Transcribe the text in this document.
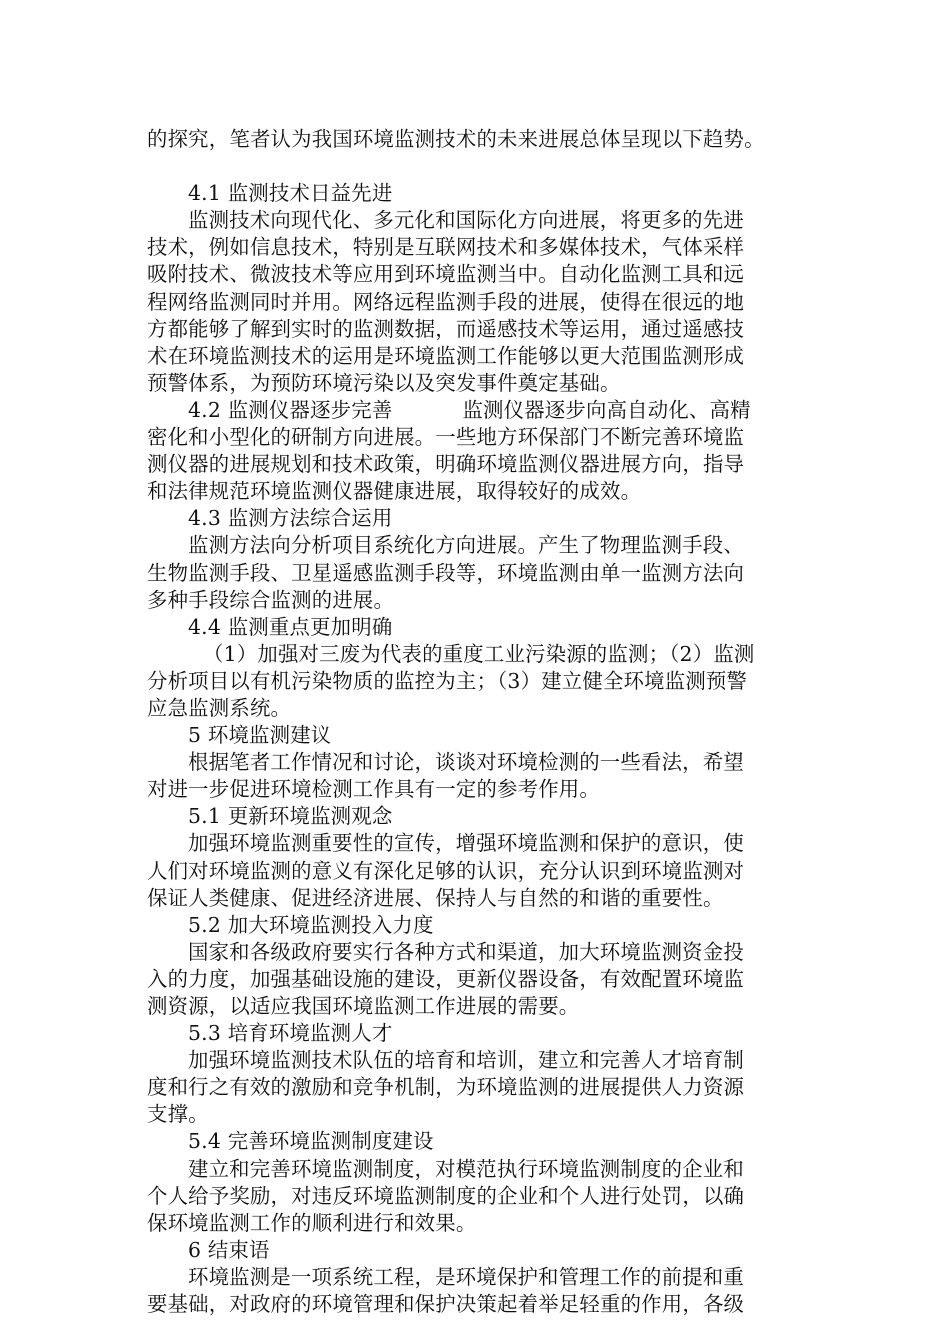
的探究，笔者认为我国环境监测技术的未来进展总体呈现以下趋势。
4.1 监测技术日益先进
监测技术向现代化、多元化和国际化方向进展，将更多的先进
技术，例如信息技术，特别是互联网技术和多媒体技术，气体采样
吸附技术、微波技术等应用到环境监测当中。自动化监测工具和远
程网络监测同时并用。网络远程监测手段的进展，使得在很远的地
方都能够了解到实时的监测数据，而遥感技术等运用，通过遥感技
术在环境监测技术的运用是环境监测工作能够以更大范围监测形成
预警体系，为预防环境污染以及突发事件奠定基础。
4.2 监测仪器逐步完善	监测仪器逐步向高自动化、高精
密化和小型化的研制方向进展。一些地方环保部门不断完善环境监
测仪器的进展规划和技术政策，明确环境监测仪器进展方向，指导
和法律规范环境监测仪器健康进展，取得较好的成效。
4.3 监测方法综合运用
监测方法向分析项目系统化方向进展。产生了物理监测手段、
生物监测手段、卫星遥感监测手段等，环境监测由单一监测方法向
多种手段综合监测的进展。
4.4 监测重点更加明确
（1）加强对三废为代表的重度工业污染源的监测；（2）监测
分析项目以有机污染物质的监控为主；（3）建立健全环境监测预警
应急监测系统。
5 环境监测建议
根据笔者工作情况和讨论，谈谈对环境检测的一些看法，希望
对进一步促进环境检测工作具有一定的参考作用。
5.1 更新环境监测观念
加强环境监测重要性的宣传，增强环境监测和保护的意识，使
人们对环境监测的意义有深化足够的认识，充分认识到环境监测对
保证人类健康、促进经济进展、保持人与自然的和谐的重要性。
5.2 加大环境监测投入力度
国家和各级政府要实行各种方式和渠道，加大环境监测资金投
入的力度，加强基础设施的建设，更新仪器设备，有效配置环境监
测资源，以适应我国环境监测工作进展的需要。
5.3 培育环境监测人才
加强环境监测技术队伍的培育和培训，建立和完善人才培育制
度和行之有效的激励和竞争机制，为环境监测的进展提供人力资源
支撑。
5.4 完善环境监测制度建设
建立和完善环境监测制度，对模范执行环境监测制度的企业和
个人给予奖励，对违反环境监测制度的企业和个人进行处罚，以确
保环境监测工作的顺利进行和效果。
6 结束语
环境监测是一项系统工程，是环境保护和管理工作的前提和重
要基础，对政府的环境管理和保护决策起着举足轻重的作用，各级
